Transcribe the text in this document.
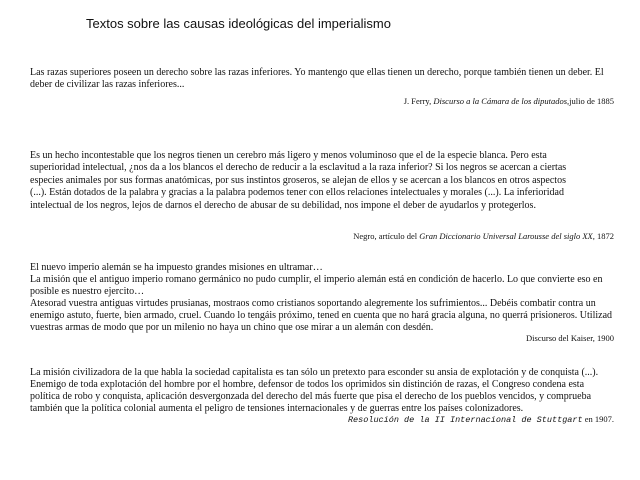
Textos sobre las causas ideológicas del imperialismo

Las razas superiores poseen un derecho sobre las razas inferiores. Yo mantengo que ellas tienen un derecho, porque también tienen un deber. El deber de civilizar las razas inferiores...

J. Ferry, Discurso a la Cámara de los diputados,julio de 1885

Es un hecho incontestable que los negros tienen un cerebro más ligero y menos voluminoso que el de la especie blanca. Pero esta superioridad intelectual, ¿nos da a los blancos el derecho de reducir a la esclavitud a la raza inferior? Si los negros se acercan a ciertas especies animales por sus formas anatómicas, por sus instintos groseros, se alejan de ellos y se acercan a los blancos en otros aspectos (...). Están dotados de la palabra y gracias a la palabra podemos tener con ellos relaciones intelectuales y morales (...). La inferioridad intelectual de los negros, lejos de darnos el derecho de abusar de su debilidad, nos impone el deber de ayudarlos y protegerlos.

Negro, artículo del Gran Diccionario Universal Larousse del siglo XX, 1872

El nuevo imperio alemán se ha impuesto grandes misiones en ultramar…

La misión que el antiguo imperio romano germánico no pudo cumplir, el imperio alemán está en condición de hacerlo. Lo que convierte eso en posible es nuestro ejercito…

Atesorad vuestra antiguas virtudes prusianas, mostraos como cristianos soportando alegremente los sufrimientos... Debéis combatir contra un enemigo astuto, fuerte, bien armado, cruel. Cuando lo tengáis próximo, tened en cuenta que no hará gracia alguna, no querrá prisioneros. Utilizad vuestras armas de modo que por un milenio no haya un chino que ose mirar a un alemán con desdén.

Discurso del Kaiser, 1900

La misión civilizadora de la que habla la sociedad capitalista es tan sólo un pretexto para esconder su ansia de explotación y de conquista (...). Enemigo de toda explotación del hombre por el hombre, defensor de todos los oprimidos sin distinción de razas, el Congreso condena esta política de robo y conquista, aplicación desvergonzada del derecho del más fuerte que pisa el derecho de los pueblos vencidos, y comprueba también que la política colonial aumenta el peligro de tensiones internacionales y de guerras entre los países colonizadores.

Resolución de la II Internacional de Stuttgart en 1907.
